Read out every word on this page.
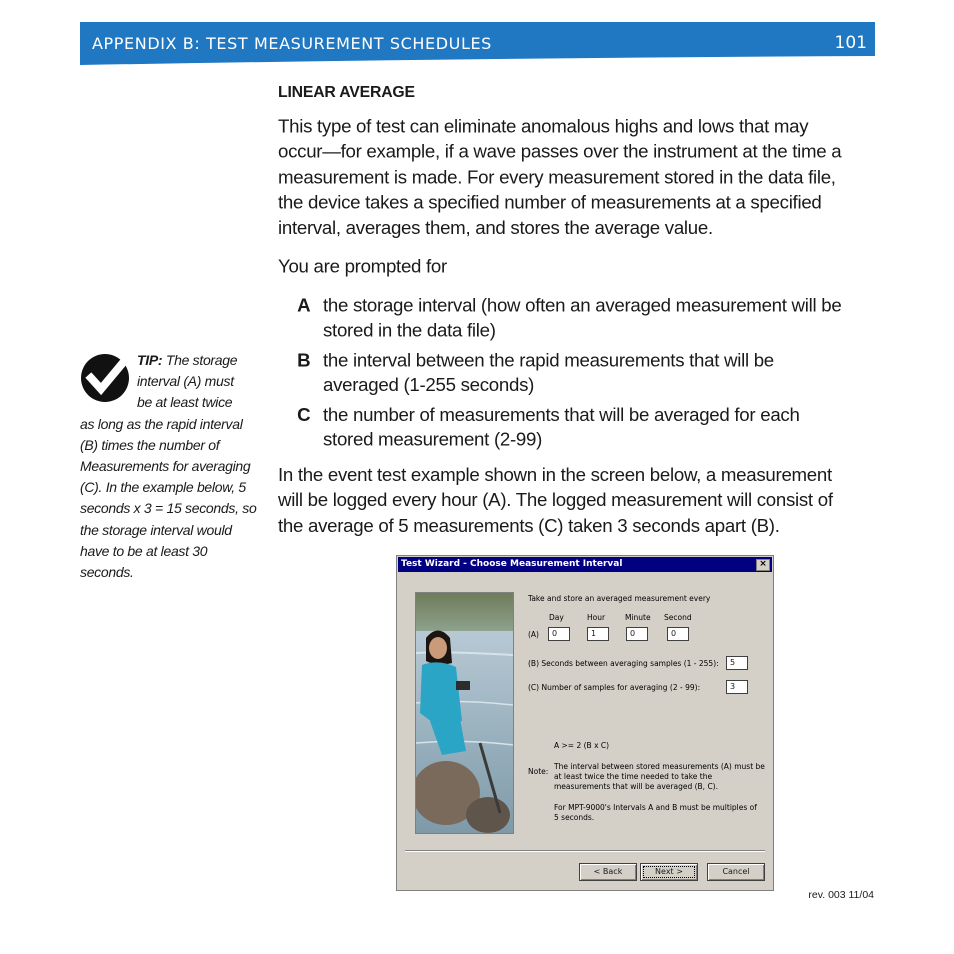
APPENDIX B: TEST MEASUREMENT SCHEDULES	101
LINEAR AVERAGE

This type of test can eliminate anomalous highs and lows that may occur—for example, if a wave passes over the instrument at the time a measurement is made. For every measurement stored in the data file, the device takes a specified number of measurements at a specified interval, averages them, and stores the average value.

You are prompted for

A the storage interval (how often an averaged measurement will be stored in the data file)
B the interval between the rapid measurements that will be averaged (1-255 seconds)
C the number of measurements that will be averaged for each stored measurement (2-99)

In the event test example shown in the screen below, a measurement will be logged every hour (A). The logged measurement will consist of the average of 5 measurements (C) taken 3 seconds apart (B).

TIP: The storage
interval (A) must
be at least twice
as long as the rapid interval (B) times the number of Measurements for averaging (C). In the example below, 5 seconds x 3 = 15 seconds, so the storage interval would have to be at least 30 seconds.
Test Wizard - Choose Measurement Interval	×
Take and store an averaged measurement every
Day	Hour	Minute Second
(A)	0	1	0	0
(B) Seconds between averaging samples (1 - 255):	5
(C) Number of samples for averaging (2 - 99):	3
A >= 2 (B x C)
Note:
The interval between stored measurements (A) must be
at least twice the time needed to take the
measurements that will be averaged (B, C).
For MPT-9000's Intervals A and B must be multiples of
5 seconds.
< Back	Next >	Cancel
rev. 003 11/04
